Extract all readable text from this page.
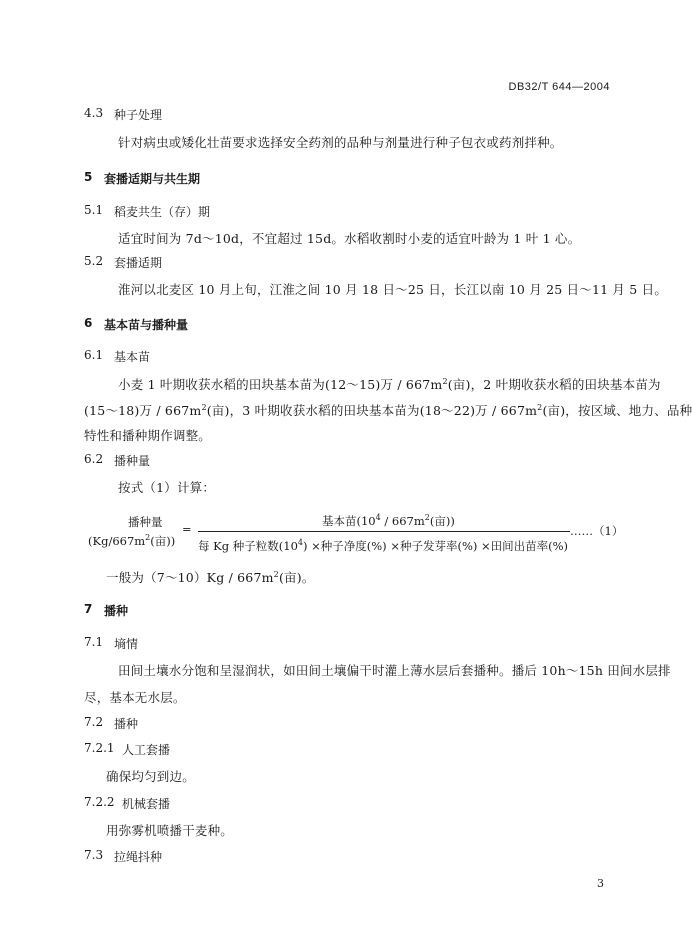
DB32/T 644—2004
4.3 种子处理
针对病虫或矮化壮苗要求选择安全药剂的品种与剂量进行种子包衣或药剂拌种。
5 套播适期与共生期
5.1 稻麦共生（存）期
适宜时间为 7d～10d，不宜超过 15d。水稻收割时小麦的适宜叶龄为 1 叶 1 心。
5.2 套播适期
淮河以北麦区 10 月上旬，江淮之间 10 月 18 日～25 日，长江以南 10 月 25 日～11 月 5 日。
6 基本苗与播种量
6.1 基本苗
小麦 1 叶期收获水稻的田块基本苗为(12～15)万 / $667m^2$(亩)，2 叶期收获水稻的田块基本苗为
(15～18)万 / $667m^2$(亩)，3 叶期收获水稻的田块基本苗为(18～22)万 / $667m^2$(亩)，按区域、地力、品种
特性和播种期作调整。
6.2 播种量
按式（1）计算：
播种量
($Kg/667m^2$(亩))
=
基本苗($10^4 / 667m^2$(亩))
……（1）
每 Kg 种子粒数$(10^4)$ ×种子净度(%) ×种子发芽率(%) ×田间出苗率(%)
一般为（7～10）Kg / $667m^2$(亩)。
7 播种
7.1 墒情
田间土壤水分饱和呈湿润状，如田间土壤偏干时灌上薄水层后套播种。播后 10h～15h 田间水层排
尽，基本无水层。
7.2 播种
7.2.1 人工套播
确保均匀到边。
7.2.2 机械套播
用弥雾机喷播干麦种。
7.3 拉绳抖种
3
